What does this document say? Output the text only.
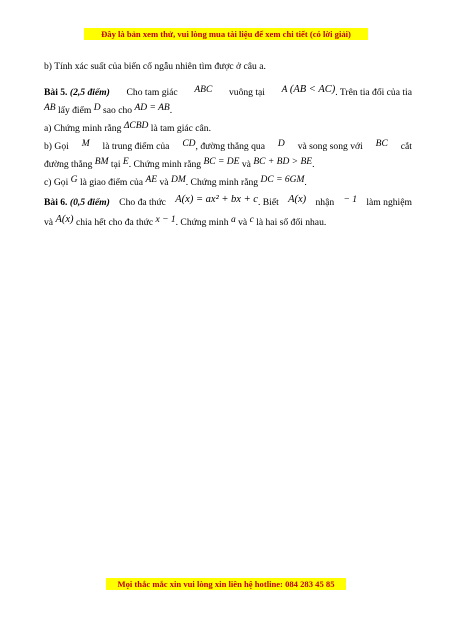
Đây là bản xem thử, vui lòng mua tài liệu để xem chi tiết (có lời giải)
b) Tính xác suất của biến cố ngẫu nhiên tìm được ở câu a.
Bài 5. (2,5 điểm) Cho tam giác ABC vuông tại A (AB < AC). Trên tia đối của tia
AB lấy điểm D sao cho AD = AB.
a) Chứng minh rằng ΔCBD là tam giác cân.
b) Gọi M là trung điểm của CD, đường thẳng qua D và song song với BC cắt
đường thẳng BM tại E. Chứng minh rằng BC = DE và BC + BD > BE.
c) Gọi G là giao điểm của AE và DM. Chứng minh rằng DC = 6GM.
Bài 6. (0,5 điểm) Cho đa thức A(x) = ax² + bx + c. Biết A(x) nhận − 1 làm nghiệm
và A(x) chia hết cho đa thức x − 1. Chứng minh a và c là hai số đối nhau.
Mọi thắc mắc xin vui lòng xin liên hệ hotline: 084 283 45 85
